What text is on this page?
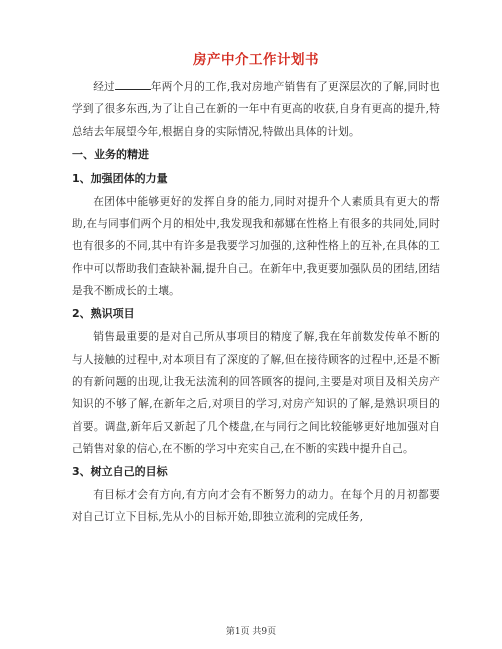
房产中介工作计划书

经过	年两个月的工作,我对房地产销售有了更深层次的了解,同时也学到了很多东西,为了让自己在新的一年中有更高的收获,自身有更高的提升,特总结去年展望今年,根据自身的实际情况,特做出具体的计划。

一、业务的精进
1、加强团体的力量

在团体中能够更好的发挥自身的能力,同时对提升个人素质具有更大的帮助,在与同事们两个月的相处中,我发现我和郝娜在性格上有很多的共同处,同时也有很多的不同,其中有许多是我要学习加强的,这种性格上的互补,在具体的工作中可以帮助我们查缺补漏,提升自己。在新年中,我更要加强队员的团结,团结是我不断成长的土壤。

2、熟识项目

销售最重要的是对自己所从事项目的精度了解,我在年前数发传单不断的与人接触的过程中,对本项目有了深度的了解,但在接待顾客的过程中,还是不断的有新问题的出现,让我无法流利的回答顾客的提问,主要是对项目及相关房产知识的不够了解,在新年之后,对项目的学习,对房产知识的了解,是熟识项目的首要。调盘,新年后又新起了几个楼盘,在与同行之间比较能够更好地加强对自己销售对象的信心,在不断的学习中充实自己,在不断的实践中提升自己。

3、树立自己的目标

有目标才会有方向,有方向才会有不断努力的动力。在每个月的月初都要对自己订立下目标,先从小的目标开始,即独立流利的完成任务,

第1页 共9页
